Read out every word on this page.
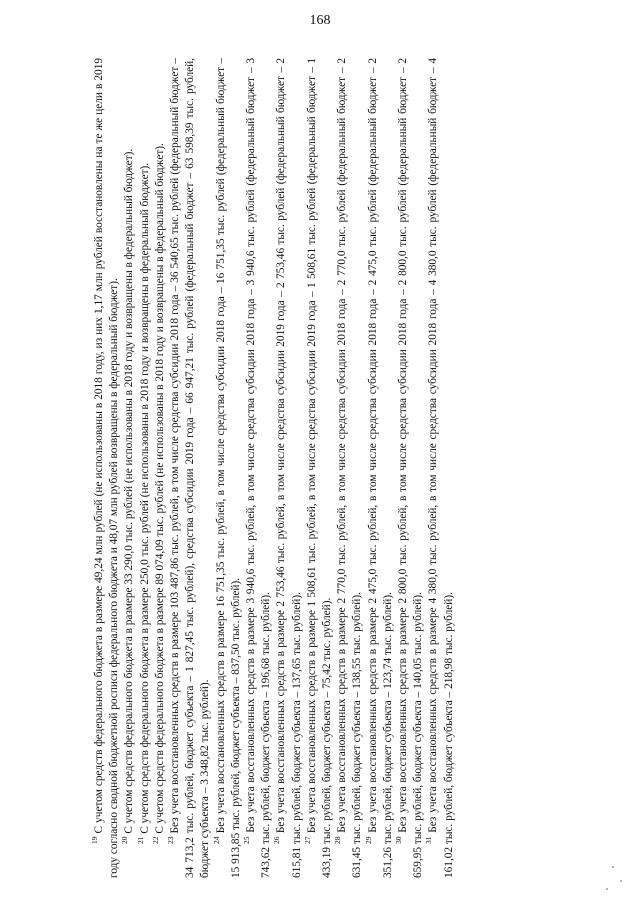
168

$^{19}$ С учетом средств федерального бюджета в размере 49,24 млн рублей (не использованы в 2018 году, из них 1,17 млн рублей восстановлены на те же цели в 2019 году согласно сводной бюджетной росписи федерального бюджета и 48,07 млн рублей возвращены в федеральный бюджет). $^{20}$ С учетом средств федерального бюджета в размере 33 290,0 тыс. рублей (не использованы в 2018 году и возвращены в федеральный бюджет).

$^{21}$ С учетом средств федерального бюджета в размере 250,0 тыс. рублей (не использованы в 2018 году и возвращены в федеральный бюджет).

$^{22}$ С учетом средств федерального бюджета в размере 89 074,09 тыс. рублей (не использованы в 2018 году и возвращены в федеральный бюджет).

$^{23}$ Без учета восстановленных средств в размере 103 487,86 тыс. рублей, в том числе средства субсидии 2018 года – 36 540,65 тыс. рублей (федеральный бюджет – 34 713,2 тыс. рублей, бюджет субъекта – 1 827,45 тыс. рублей), средства субсидии 2019 года – 66 947,21 тыс. рублей (федеральный бюджет – 63 598,39 тыс. рублей, бюджет субъекта – 3 348,82 тыс. рублей). $^{24}$ Без учета восстановленных средств в размере 16 751,35 тыс. рублей, в том числе средства субсидии 2018 года – 16 751,35 тыс. рублей (федеральный бюджет – 15 913,85 тыс. рублей, бюджет субъекта – 837,50 тыс. рублей). $^{25}$ Без учета восстановленных средств в размере 3 940,6 тыс. рублей, в том числе средства субсидии 2018 года – 3 940,6 тыс. рублей (федеральный бюджет – 3 743,62 тыс. рублей, бюджет субъекта – 196,68 тыс. рублей). $^{26}$ Без учета восстановленных средств в размере 2 753,46 тыс. рублей, в том числе средства субсидии 2019 года – 2 753,46 тыс. рублей (федеральный бюджет – 2 615,81 тыс. рублей, бюджет субъекта – 137,65 тыс. рублей). $^{27}$ Без учета восстановленных средств в размере 1 508,61 тыс. рублей, в том числе средства субсидии 2019 года – 1 508,61 тыс. рублей (федеральный бюджет – 1 433,19 тыс. рублей, бюджет субъекта – 75,42 тыс. рублей). $^{28}$ Без учета восстановленных средств в размере 2 770,0 тыс. рублей, в том числе средства субсидии 2018 года – 2 770,0 тыс. рублей (федеральный бюджет – 2 631,45 тыс. рублей, бюджет субъекта – 138,55 тыс. рублей). $^{29}$ Без учета восстановленных средств в размере 2 475,0 тыс. рублей, в том числе средства субсидии 2018 года – 2 475,0 тыс. рублей (федеральный бюджет – 2 351,26 тыс. рублей, бюджет субъекта – 123,74 тыс. рублей). $^{30}$ Без учета восстановленных средств в размере 2 800,0 тыс. рублей, в том числе средства субсидии 2018 года – 2 800,0 тыс. рублей (федеральный бюджет – 2 659,95 тыс. рублей, бюджет субъекта – 140,05 тыс. рублей). $^{31}$ Без учета восстановленных средств в размере 4 380,0 тыс. рублей, в том числе средства субсидии 2018 года – 4 380,0 тыс. рублей (федеральный бюджет – 4 161,02 тыс. рублей, бюджет субъекта – 218,98 тыс. рублей).
